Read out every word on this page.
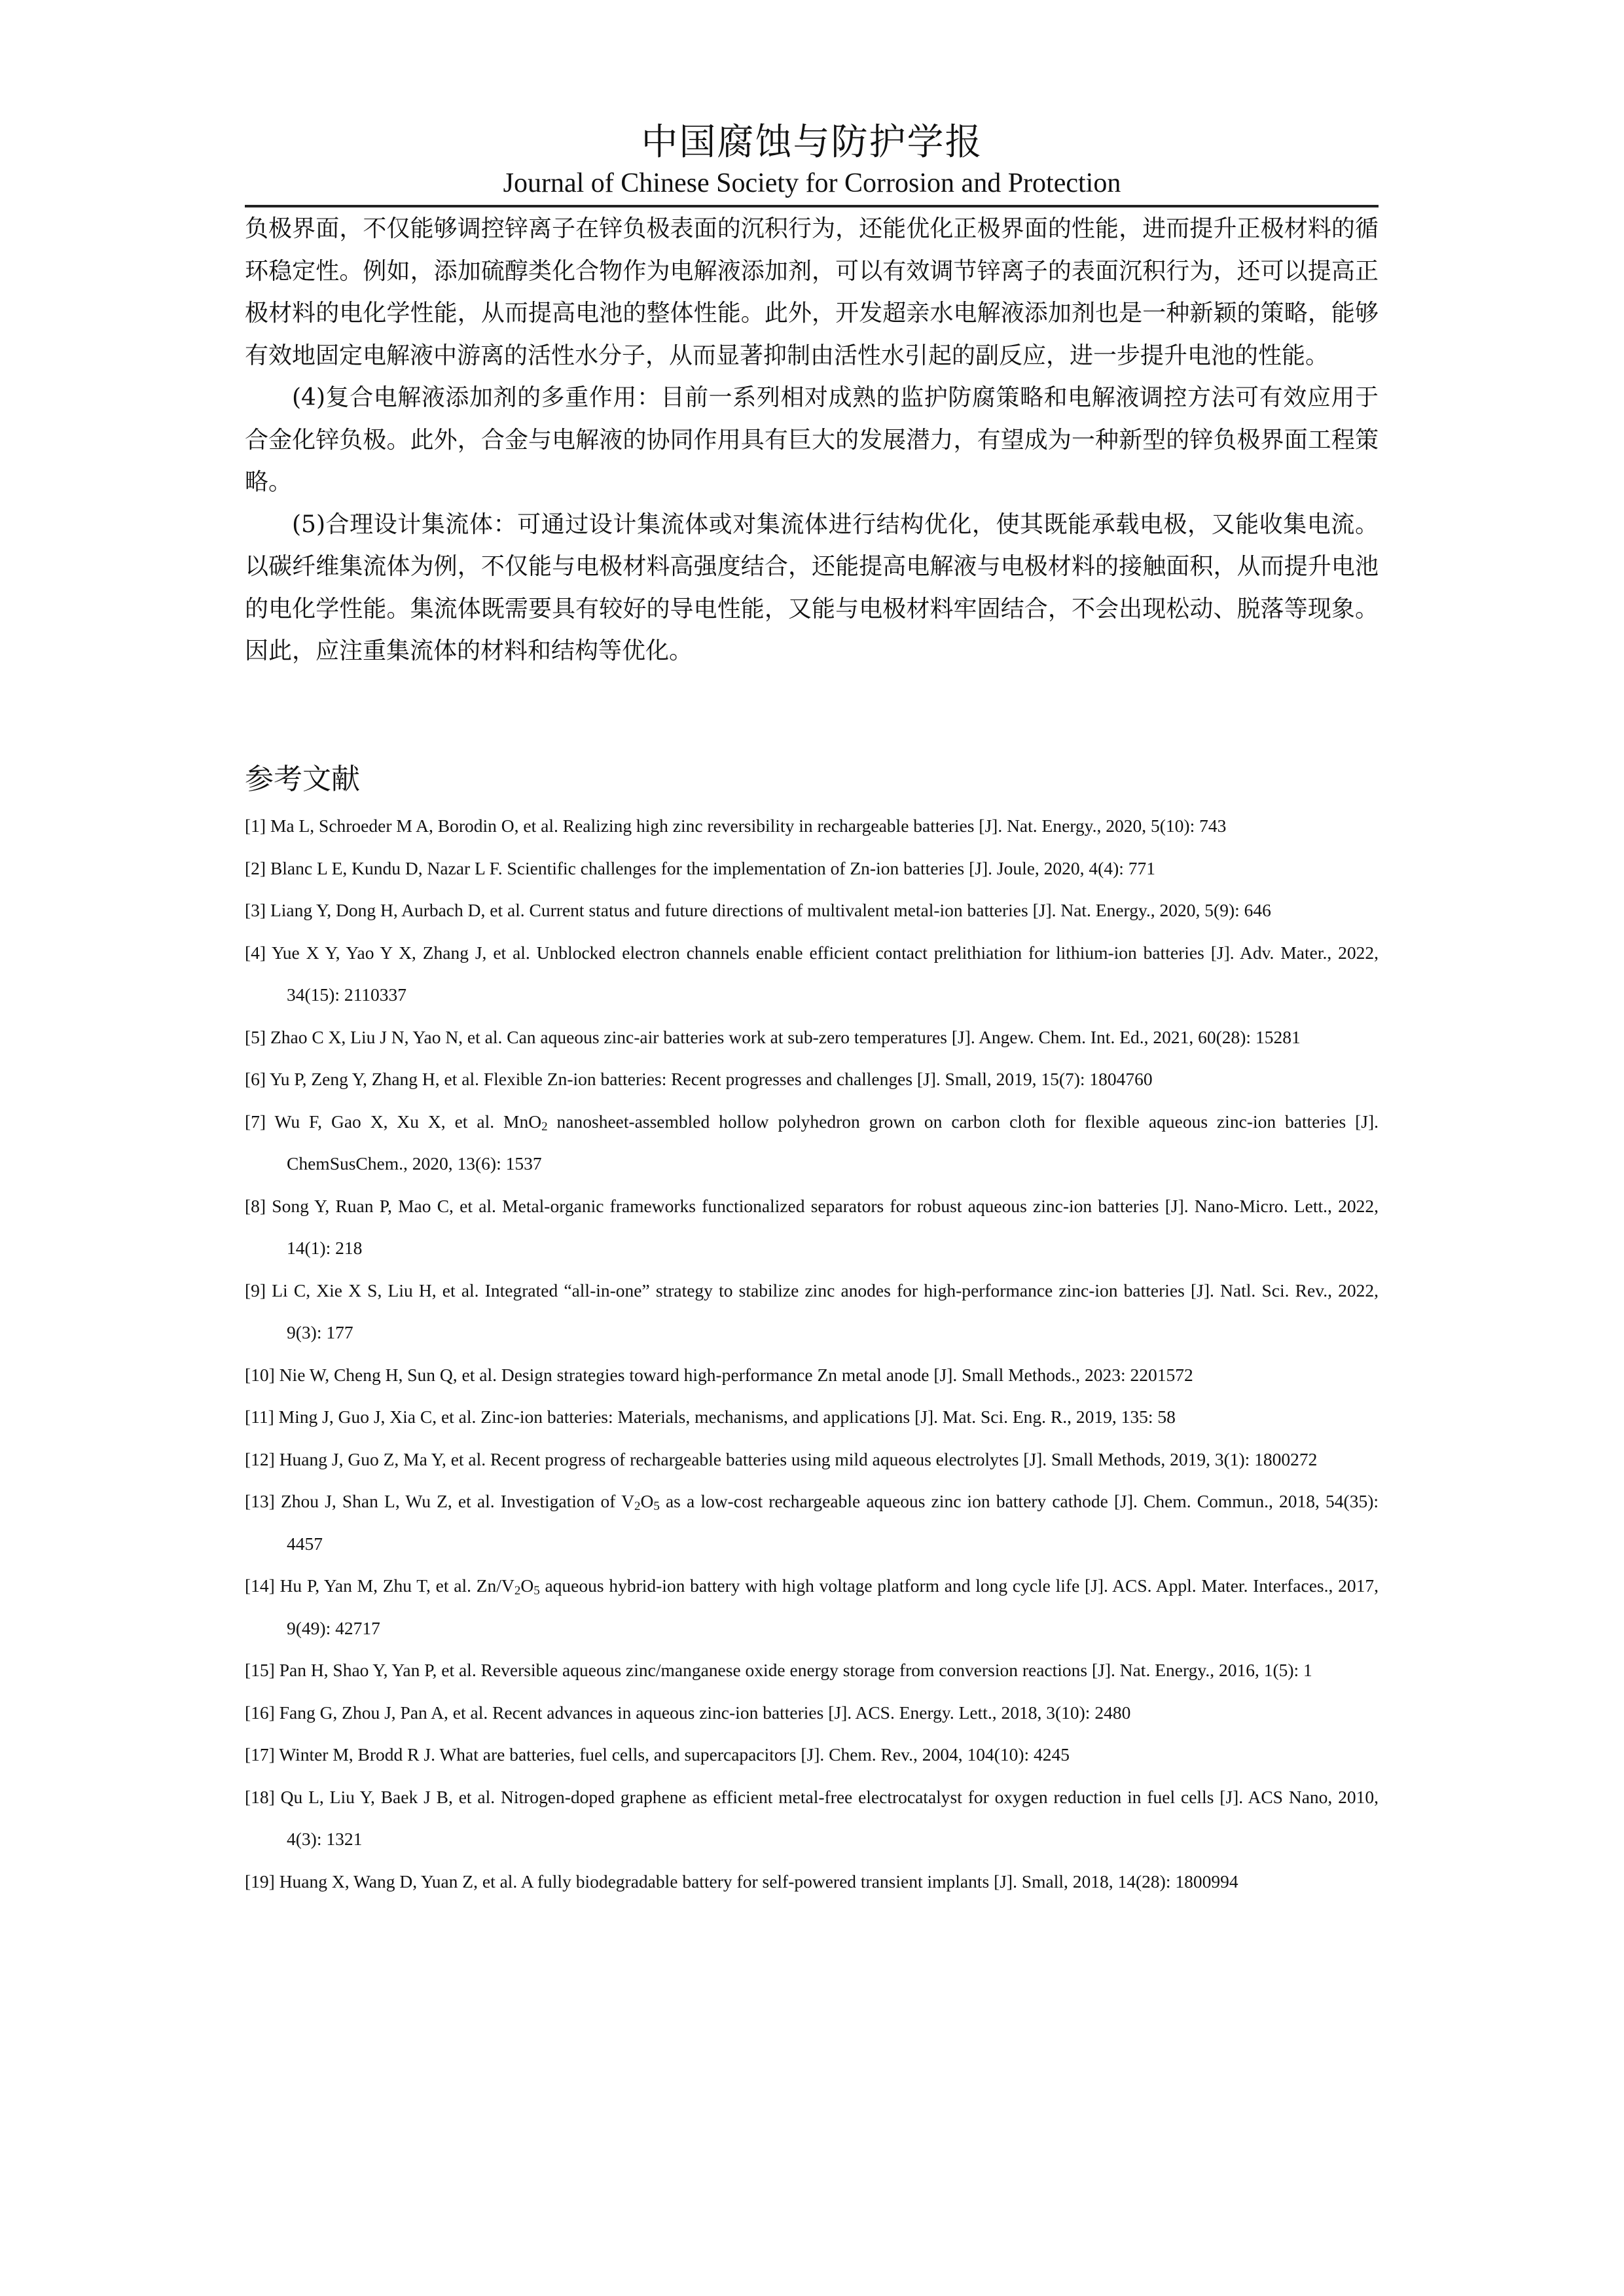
中国腐蚀与防护学报
Journal of Chinese Society for Corrosion and Protection

负极界面，不仅能够调控锌离子在锌负极表面的沉积行为，还能优化正极界面的性能，进而提升正极材料的循环稳定性。例如，添加硫醇类化合物作为电解液添加剂，可以有效调节锌离子的表面沉积行为，还可以提高正极材料的电化学性能，从而提高电池的整体性能。此外，开发超亲水电解液添加剂也是一种新颖的策略，能够有效地固定电解液中游离的活性水分子，从而显著抑制由活性水引起的副反应，进一步提升电池的性能。

(4)复合电解液添加剂的多重作用：目前一系列相对成熟的监护防腐策略和电解液调控方法可有效应用于合金化锌负极。此外，合金与电解液的协同作用具有巨大的发展潜力，有望成为一种新型的锌负极界面工程策略。

(5)合理设计集流体：可通过设计集流体或对集流体进行结构优化，使其既能承载电极，又能收集电流。以碳纤维集流体为例，不仅能与电极材料高强度结合，还能提高电解液与电极材料的接触面积，从而提升电池的电化学性能。集流体既需要具有较好的导电性能，又能与电极材料牢固结合，不会出现松动、脱落等现象。因此，应注重集流体的材料和结构等优化。

参考文献
[1] Ma L, Schroeder M A, Borodin O, et al. Realizing high zinc reversibility in rechargeable batteries [J]. Nat. Energy., 2020, 5(10): 743
[2] Blanc L E, Kundu D, Nazar L F. Scientific challenges for the implementation of Zn-ion batteries [J]. Joule, 2020, 4(4): 771
[3] Liang Y, Dong H, Aurbach D, et al. Current status and future directions of multivalent metal-ion batteries [J]. Nat. Energy., 2020, 5(9): 646
[4] Yue X Y, Yao Y X, Zhang J, et al. Unblocked electron channels enable efficient contact prelithiation for lithium-ion batteries [J]. Adv. Mater., 2022, 34(15): 2110337
[5] Zhao C X, Liu J N, Yao N, et al. Can aqueous zinc-air batteries work at sub-zero temperatures [J]. Angew. Chem. Int. Ed., 2021, 60(28): 15281
[6] Yu P, Zeng Y, Zhang H, et al. Flexible Zn-ion batteries: Recent progresses and challenges [J]. Small, 2019, 15(7): 1804760
[7] Wu F, Gao X, Xu X, et al. MnO$_2$ nanosheet-assembled hollow polyhedron grown on carbon cloth for flexible aqueous zinc-ion batteries [J]. ChemSusChem., 2020, 13(6): 1537
[8] Song Y, Ruan P, Mao C, et al. Metal-organic frameworks functionalized separators for robust aqueous zinc-ion batteries [J]. Nano-Micro. Lett., 2022, 14(1): 218
[9] Li C, Xie X S, Liu H, et al. Integrated “all-in-one” strategy to stabilize zinc anodes for high-performance zinc-ion batteries [J]. Natl. Sci. Rev., 2022, 9(3): 177
[10] Nie W, Cheng H, Sun Q, et al. Design strategies toward high-performance Zn metal anode [J]. Small Methods., 2023: 2201572
[11] Ming J, Guo J, Xia C, et al. Zinc-ion batteries: Materials, mechanisms, and applications [J]. Mat. Sci. Eng. R., 2019, 135: 58
[12] Huang J, Guo Z, Ma Y, et al. Recent progress of rechargeable batteries using mild aqueous electrolytes [J]. Small Methods, 2019, 3(1): 1800272
[13] Zhou J, Shan L, Wu Z, et al. Investigation of $V_2O_5$ as a low-cost rechargeable aqueous zinc ion battery cathode [J]. Chem. Commun., 2018, 54(35): 4457
[14] Hu P, Yan M, Zhu T, et al. $Zn/V_2O_5$ aqueous hybrid-ion battery with high voltage platform and long cycle life [J]. ACS. Appl. Mater. Interfaces., 2017, 9(49): 42717
[15] Pan H, Shao Y, Yan P, et al. Reversible aqueous zinc/manganese oxide energy storage from conversion reactions [J]. Nat. Energy., 2016, 1(5): 1
[16] Fang G, Zhou J, Pan A, et al. Recent advances in aqueous zinc-ion batteries [J]. ACS. Energy. Lett., 2018, 3(10): 2480
[17] Winter M, Brodd R J. What are batteries, fuel cells, and supercapacitors [J]. Chem. Rev., 2004, 104(10): 4245
[18] Qu L, Liu Y, Baek J B, et al. Nitrogen-doped graphene as efficient metal-free electrocatalyst for oxygen reduction in fuel cells [J]. ACS Nano, 2010, 4(3): 1321
[19] Huang X, Wang D, Yuan Z, et al. A fully biodegradable battery for self-powered transient implants [J]. Small, 2018, 14(28): 1800994
